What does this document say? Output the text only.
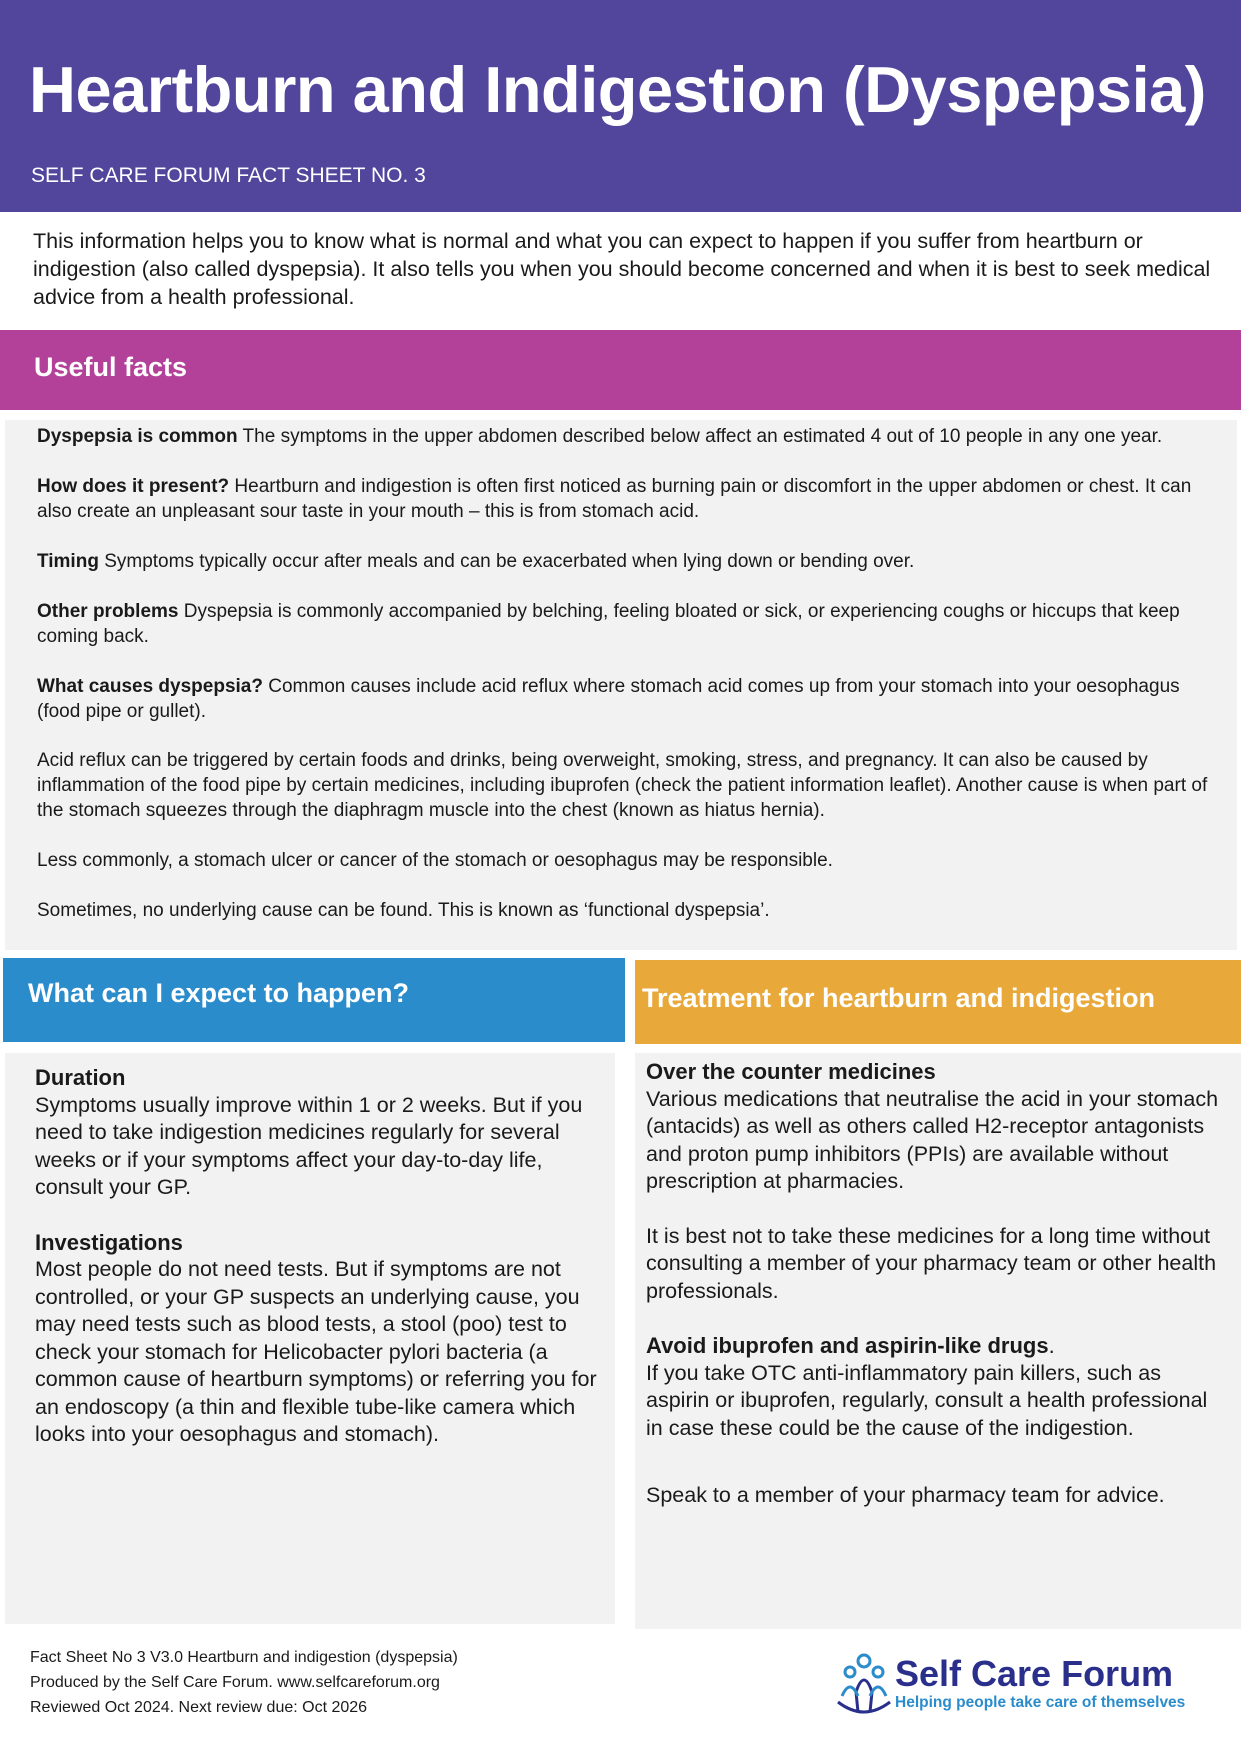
Heartburn and Indigestion (Dyspepsia)
SELF CARE FORUM FACT SHEET NO. 3

This information helps you to know what is normal and what you can expect to happen if you suffer from heartburn or indigestion (also called dyspepsia). It also tells you when you should become concerned and when it is best to seek medical advice from a health professional.

Useful facts

Dyspepsia is common The symptoms in the upper abdomen described below affect an estimated 4 out of 10 people in any one year.

How does it present? Heartburn and indigestion is often first noticed as burning pain or discomfort in the upper abdomen or chest. It can also create an unpleasant sour taste in your mouth – this is from stomach acid.

Timing Symptoms typically occur after meals and can be exacerbated when lying down or bending over.

Other problems Dyspepsia is commonly accompanied by belching, feeling bloated or sick, or experiencing coughs or hiccups that keep coming back.

What causes dyspepsia? Common causes include acid reflux where stomach acid comes up from your stomach into your oesophagus (food pipe or gullet).

Acid reflux can be triggered by certain foods and drinks, being overweight, smoking, stress, and pregnancy. It can also be caused by inflammation of the food pipe by certain medicines, including ibuprofen (check the patient information leaflet). Another cause is when part of the stomach squeezes through the diaphragm muscle into the chest (known as hiatus hernia).

Less commonly, a stomach ulcer or cancer of the stomach or oesophagus may be responsible.

Sometimes, no underlying cause can be found. This is known as ‘functional dyspepsia’.

What can I expect to happen?

Duration

Symptoms usually improve within 1 or 2 weeks. But if you need to take indigestion medicines regularly for several weeks or if your symptoms affect your day-to-day life, consult your GP.

Investigations

Most people do not need tests. But if symptoms are not controlled, or your GP suspects an underlying cause, you may need tests such as blood tests, a stool (poo) test to check your stomach for Helicobacter pylori bacteria (a common cause of heartburn symptoms) or referring you for an endoscopy (a thin and flexible tube-like camera which looks into your oesophagus and stomach).

Treatment for heartburn and indigestion

Over the counter medicines

Various medications that neutralise the acid in your stomach (antacids) as well as others called H2-receptor antagonists and proton pump inhibitors (PPIs) are available without prescription at pharmacies.

It is best not to take these medicines for a long time without consulting a member of your pharmacy team or other health professionals.

Avoid ibuprofen and aspirin-like drugs.

If you take OTC anti-inflammatory pain killers, such as aspirin or ibuprofen, regularly, consult a health professional in case these could be the cause of the indigestion.

Speak to a member of your pharmacy team for advice.

Fact Sheet No 3 V3.0 Heartburn and indigestion (dyspepsia)
Produced by the Self Care Forum. www.selfcareforum.org
Reviewed Oct 2024. Next review due: Oct 2026
Self Care Forum
Helping people take care of themselves
